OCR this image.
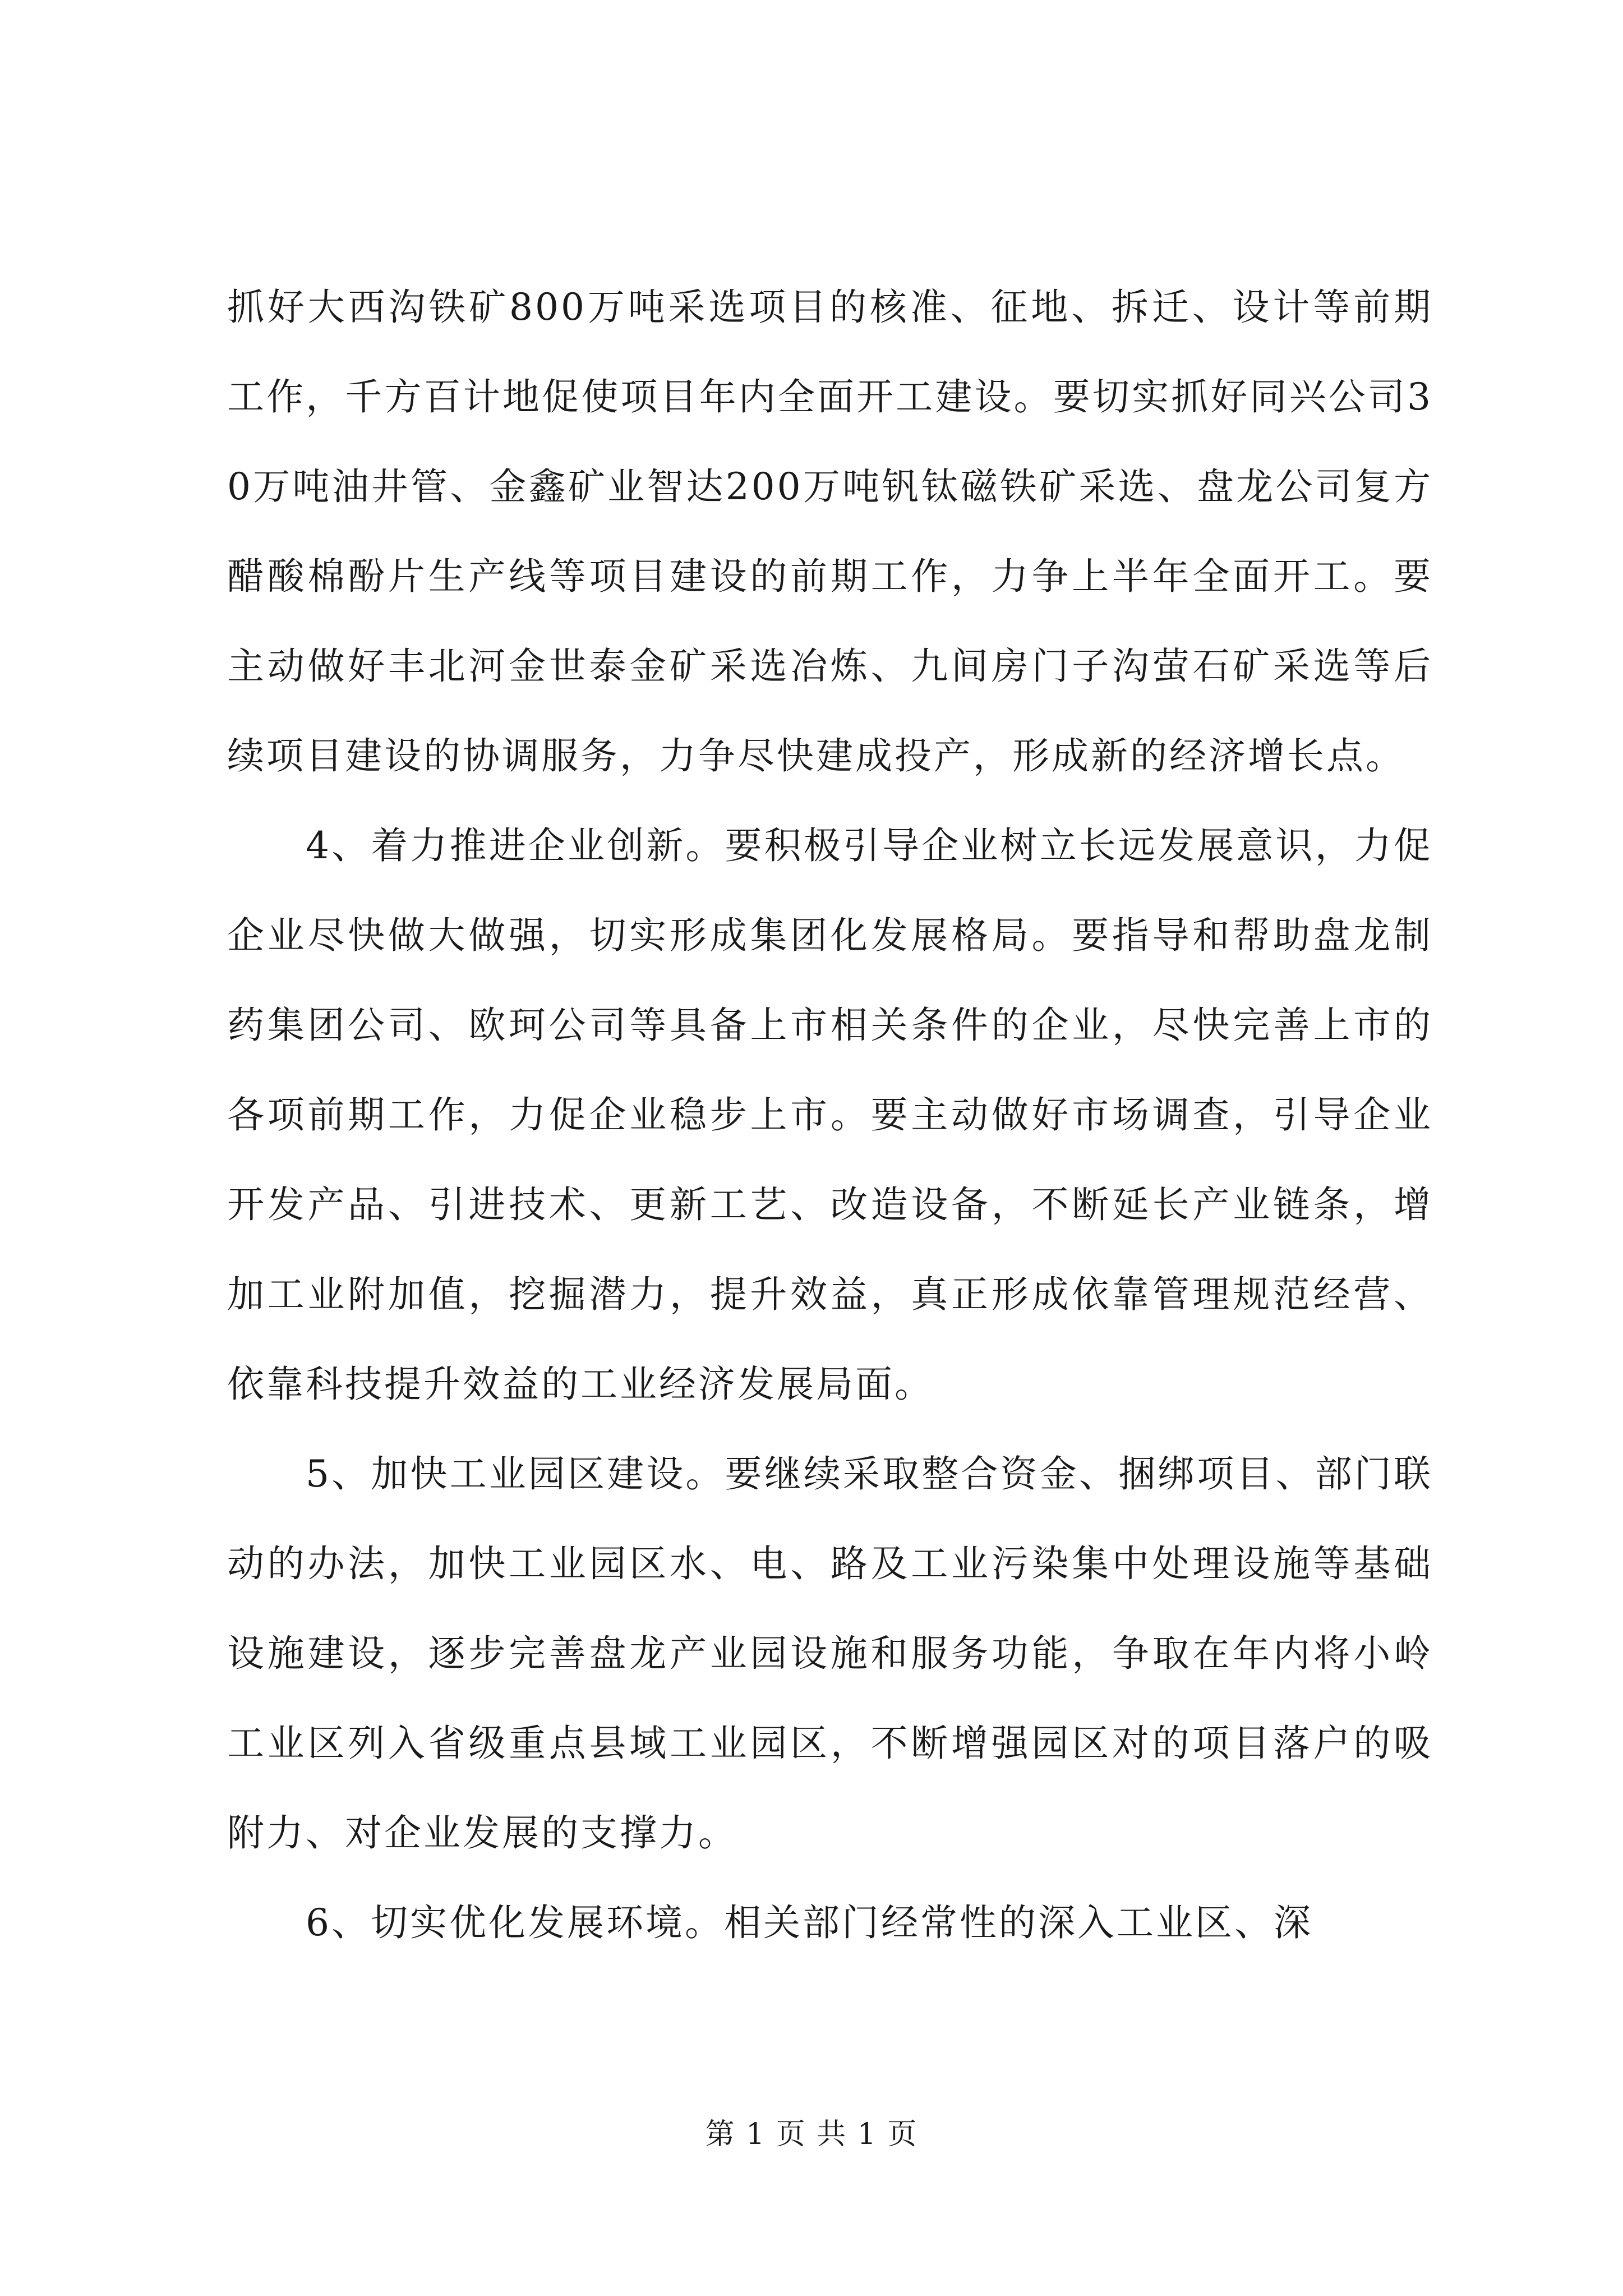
抓好大西沟铁矿800万吨采选项目的核准、征地、拆迁、设计等前期工作，千方百计地促使项目年内全面开工建设。要切实抓好同兴公司30万吨油井管、金鑫矿业智达200万吨钒钛磁铁矿采选、盘龙公司复方醋酸棉酚片生产线等项目建设的前期工作，力争上半年全面开工。要主动做好丰北河金世泰金矿采选冶炼、九间房门子沟萤石矿采选等后续项目建设的协调服务，力争尽快建成投产，形成新的经济增长点。

4、着力推进企业创新。要积极引导企业树立长远发展意识，力促企业尽快做大做强，切实形成集团化发展格局。要指导和帮助盘龙制药集团公司、欧珂公司等具备上市相关条件的企业，尽快完善上市的各项前期工作，力促企业稳步上市。要主动做好市场调查，引导企业开发产品、引进技术、更新工艺、改造设备，不断延长产业链条，增加工业附加值，挖掘潜力，提升效益，真正形成依靠管理规范经营、依靠科技提升效益的工业经济发展局面。

5、加快工业园区建设。要继续采取整合资金、捆绑项目、部门联动的办法，加快工业园区水、电、路及工业污染集中处理设施等基础设施建设，逐步完善盘龙产业园设施和服务功能，争取在年内将小岭工业区列入省级重点县域工业园区，不断增强园区对的项目落户的吸附力、对企业发展的支撑力。

6、切实优化发展环境。相关部门经常性的深入工业区、深

第 1 页 共 1 页
